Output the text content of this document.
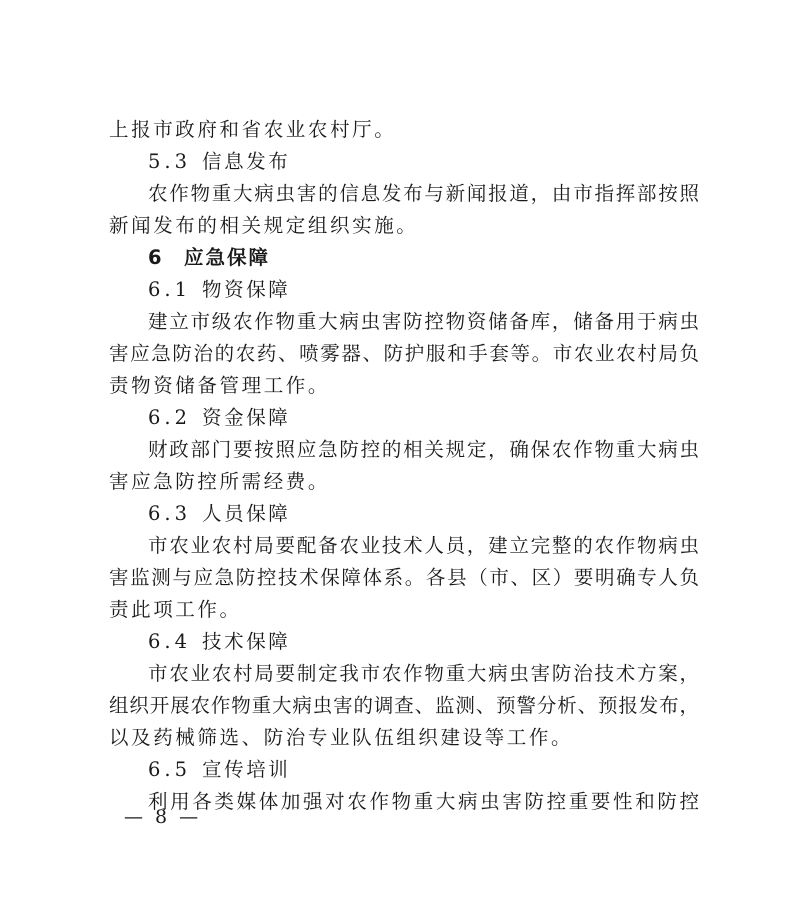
上报市政府和省农业农村厅。
5.3 信息发布
农作物重大病虫害的信息发布与新闻报道，由市指挥部按照
新闻发布的相关规定组织实施。
6 应急保障
6.1 物资保障
建立市级农作物重大病虫害防控物资储备库，储备用于病虫
害应急防治的农药、喷雾器、防护服和手套等。市农业农村局负
责物资储备管理工作。
6.2 资金保障
财政部门要按照应急防控的相关规定，确保农作物重大病虫
害应急防控所需经费。
6.3 人员保障
市农业农村局要配备农业技术人员，建立完整的农作物病虫
害监测与应急防控技术保障体系。各县（市、区）要明确专人负
责此项工作。
6.4 技术保障
市农业农村局要制定我市农作物重大病虫害防治技术方案，
组织开展农作物重大病虫害的调查、监测、预警分析、预报发布，
以及药械筛选、防治专业队伍组织建设等工作。
6.5 宣传培训
利用各类媒体加强对农作物重大病虫害防控重要性和防控
— 8 —
